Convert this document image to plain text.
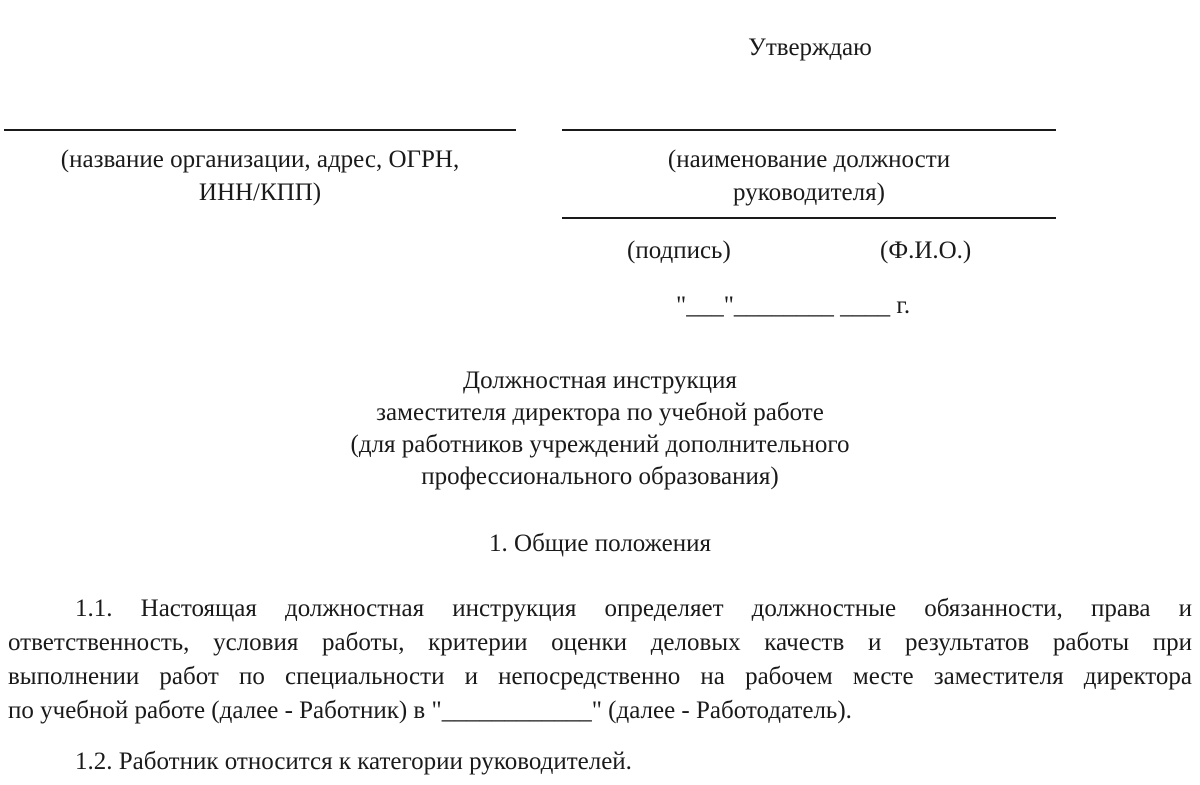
Утверждаю
(название организации, адрес, ОГРН,
ИНН/КПП)
(наименование должности
руководителя)
(подпись)	(Ф.И.О.)
"___"________ ____ г.
Должностная инструкция
заместителя директора по учебной работе
(для работников учреждений дополнительного
профессионального образования)
1. Общие положения
1.1. Настоящая должностная инструкция определяет должностные обязанности, права и
ответственность, условия работы, критерии оценки деловых качеств и результатов работы при
выполнении работ по специальности и непосредственно на рабочем месте заместителя директора
по учебной работе (далее - Работник) в "____________" (далее - Работодатель).
1.2. Работник относится к категории руководителей.
